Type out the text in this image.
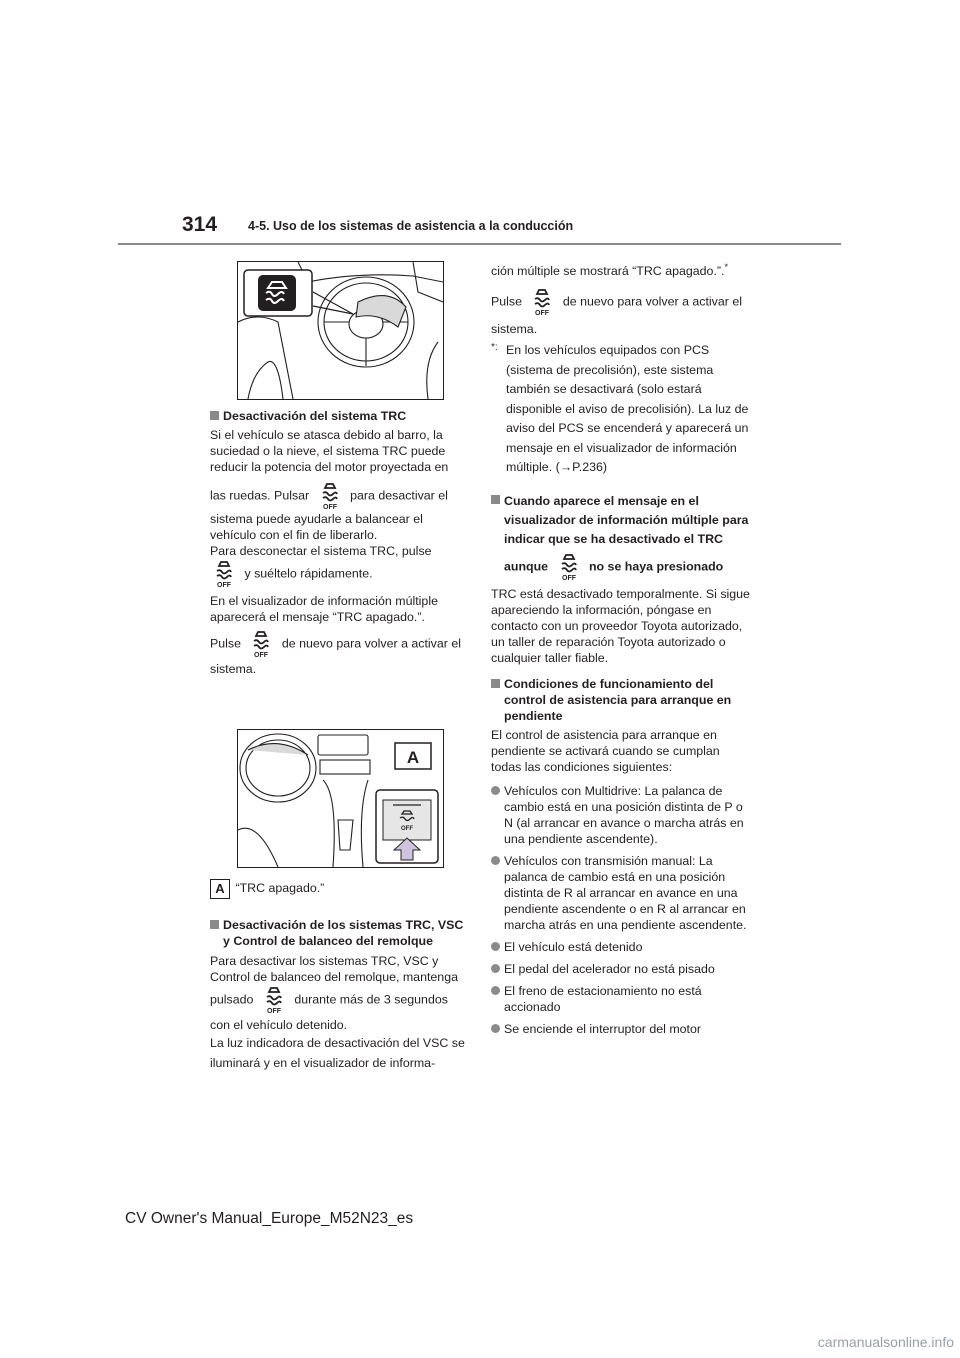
314 4-5. Uso de los sistemas de asistencia a la conducción
Desactivación del sistema TRC

Si el vehículo se atasca debido al barro, la suciedad o la nieve, el sistema TRC puede reducir la potencia del motor proyectada en

las ruedas. Pulsar
OFF
para desactivar el

sistema puede ayudarle a balancear el vehículo con el fin de liberarlo.

Para desconectar el sistema TRC, pulse

OFF
y suéltelo rápidamente.

En el visualizador de información múltiple aparecerá el mensaje “TRC apagado.”.

Pulse
OFF
de nuevo para volver a activar el

sistema.

A
OFF
A “TRC apagado.”
Desactivación de los sistemas TRC, VSC y Control de balanceo del remolque

Para desactivar los sistemas TRC, VSC y Control de balanceo del remolque, mantenga

pulsado
OFF
durante más de 3 segundos

con el vehículo detenido.

La luz indicadora de desactivación del VSC se iluminará y en el visualizador de informa-

ción múltiple se mostrará “TRC apagado.”.*

Pulse
OFF
de nuevo para volver a activar el

sistema.

*: En los vehículos equipados con PCS (sistema de precolisión), este sistema también se desactivará (solo estará disponible el aviso de precolisión). La luz de aviso del PCS se encenderá y aparecerá un mensaje en el visualizador de información múltiple. (→P.236)
Cuando aparece el mensaje en el visualizador de información múltiple para indicar que se ha desactivado el TRC

aunque
OFF
no se haya presionado

TRC está desactivado temporalmente. Si sigue apareciendo la información, póngase en contacto con un proveedor Toyota autorizado, un taller de reparación Toyota autorizado o cualquier taller fiable.

Condiciones de funcionamiento del control de asistencia para arranque en pendiente

El control de asistencia para arranque en pendiente se activará cuando se cumplan todas las condiciones siguientes:

Vehículos con Multidrive: La palanca de cambio está en una posición distinta de P o N (al arrancar en avance o marcha atrás en una pendiente ascendente).
Vehículos con transmisión manual: La palanca de cambio está en una posición distinta de R al arrancar en avance en una pendiente ascendente o en R al arrancar en marcha atrás en una pendiente ascendente.
El vehículo está detenido
El pedal del acelerador no está pisado
El freno de estacionamiento no está accionado
Se enciende el interruptor del motor
CV Owner's Manual_Europe_M52N23_es
carmanualsonline.info
